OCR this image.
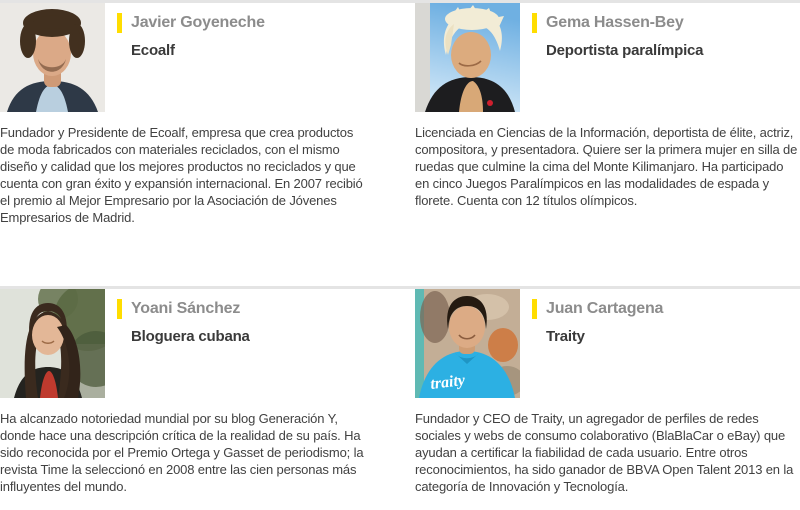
Javier Goyeneche
Ecoalf
Fundador y Presidente de Ecoalf, empresa que crea productos de moda fabricados con materiales reciclados, con el mismo diseño y calidad que los mejores productos no reciclados y que cuenta con gran éxito y expansión internacional. En 2007 recibió el premio al Mejor Empresario por la Asociación de Jóvenes Empresarios de Madrid.
Gema Hassen-Bey
Deportista paralímpica
Licenciada en Ciencias de la Información, deportista de élite, actriz, compositora, y presentadora. Quiere ser la primera mujer en silla de ruedas que culmine la cima del Monte Kilimanjaro. Ha participado en cinco Juegos Paralímpicos en las modalidades de espada y florete. Cuenta con 12 títulos olímpicos.
Yoani Sánchez
Bloguera cubana
Ha alcanzado notoriedad mundial por su blog Generación Y, donde hace una descripción crítica de la realidad de su país. Ha sido reconocida por el Premio Ortega y Gasset de periodismo; la revista Time la seleccionó en 2008 entre las cien personas más influyentes del mundo.
traity
Juan Cartagena
Traity
Fundador y CEO de Traity, un agregador de perfiles de redes sociales y webs de consumo colaborativo (BlaBlaCar o eBay) que ayudan a certificar la fiabilidad de cada usuario. Entre otros reconocimientos, ha sido ganador de BBVA Open Talent 2013 en la categoría de Innovación y Tecnología.
